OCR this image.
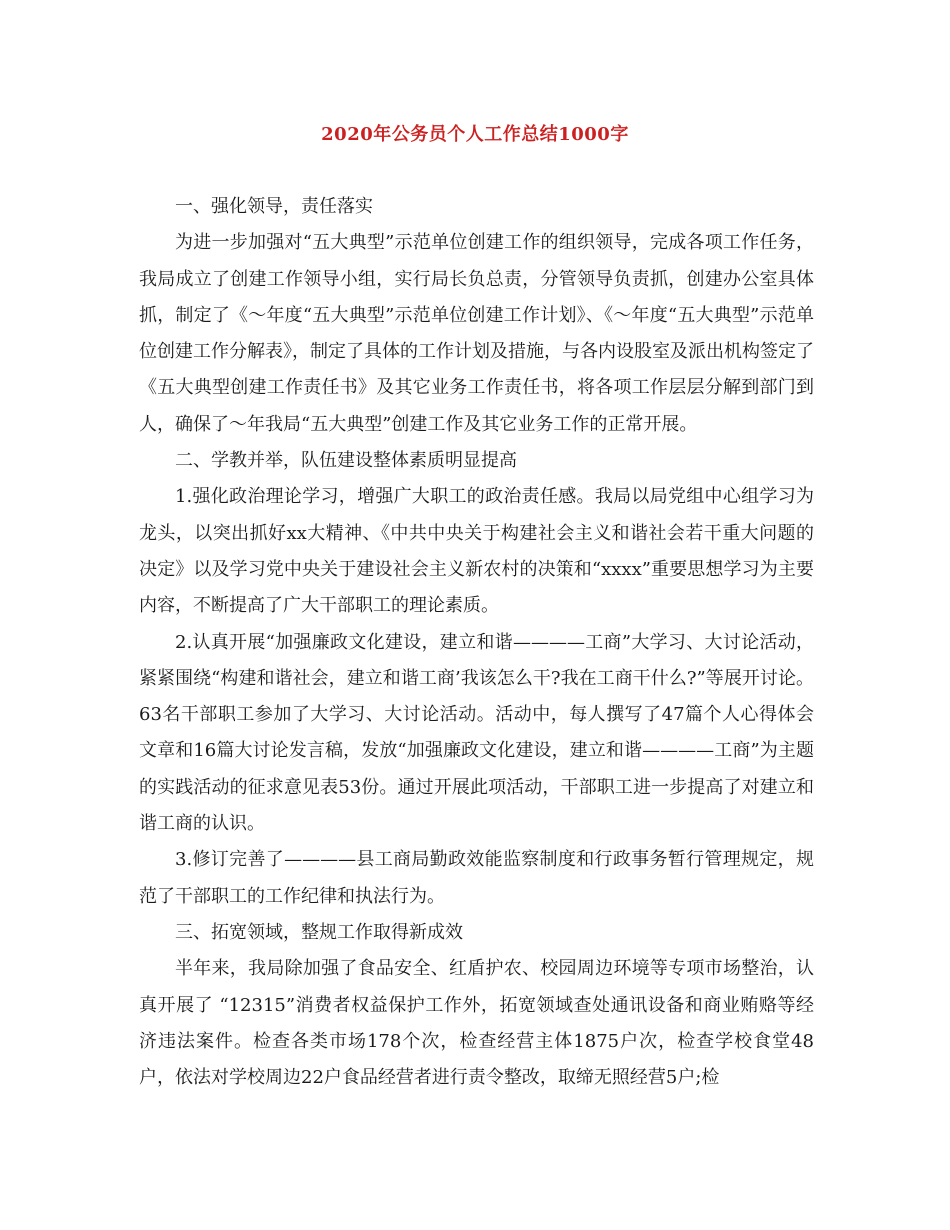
2020年公务员个人工作总结1000字

一、强化领导，责任落实

为进一步加强对“五大典型”示范单位创建工作的组织领导，完成各项工作任务，我局成立了创建工作领导小组，实行局长负总责，分管领导负责抓，创建办公室具体抓，制定了《～年度“五大典型”示范单位创建工作计划》、《～年度“五大典型”示范单位创建工作分解表》，制定了具体的工作计划及措施，与各内设股室及派出机构签定了《五大典型创建工作责任书》及其它业务工作责任书，将各项工作层层分解到部门到人，确保了～年我局“五大典型”创建工作及其它业务工作的正常开展。

二、学教并举，队伍建设整体素质明显提高

1.强化政治理论学习，增强广大职工的政治责任感。我局以局党组中心组学习为龙头，以突出抓好xx大精神、《中共中央关于构建社会主义和谐社会若干重大问题的决定》以及学习党中央关于建设社会主义新农村的决策和“xxxx”重要思想学习为主要内容，不断提高了广大干部职工的理论素质。

2.认真开展“加强廉政文化建设，建立和谐————工商”大学习、大讨论活动，紧紧围绕“构建和谐社会，建立和谐工商’我该怎么干?我在工商干什么?”等展开讨论。63名干部职工参加了大学习、大讨论活动。活动中，每人撰写了47篇个人心得体会文章和16篇大讨论发言稿，发放“加强廉政文化建设，建立和谐————工商”为主题的实践活动的征求意见表53份。通过开展此项活动，干部职工进一步提高了对建立和谐工商的认识。

3.修订完善了————县工商局勤政效能监察制度和行政事务暂行管理规定，规范了干部职工的工作纪律和执法行为。

三、拓宽领域，整规工作取得新成效

半年来，我局除加强了食品安全、红盾护农、校园周边环境等专项市场整治，认真开展了 “12315”消费者权益保护工作外，拓宽领域查处通讯设备和商业贿赂等经济违法案件。检查各类市场178个次，检查经营主体1875户次，检查学校食堂48户，依法对学校周边22户食品经营者进行责令整改，取缔无照经营5户;检
